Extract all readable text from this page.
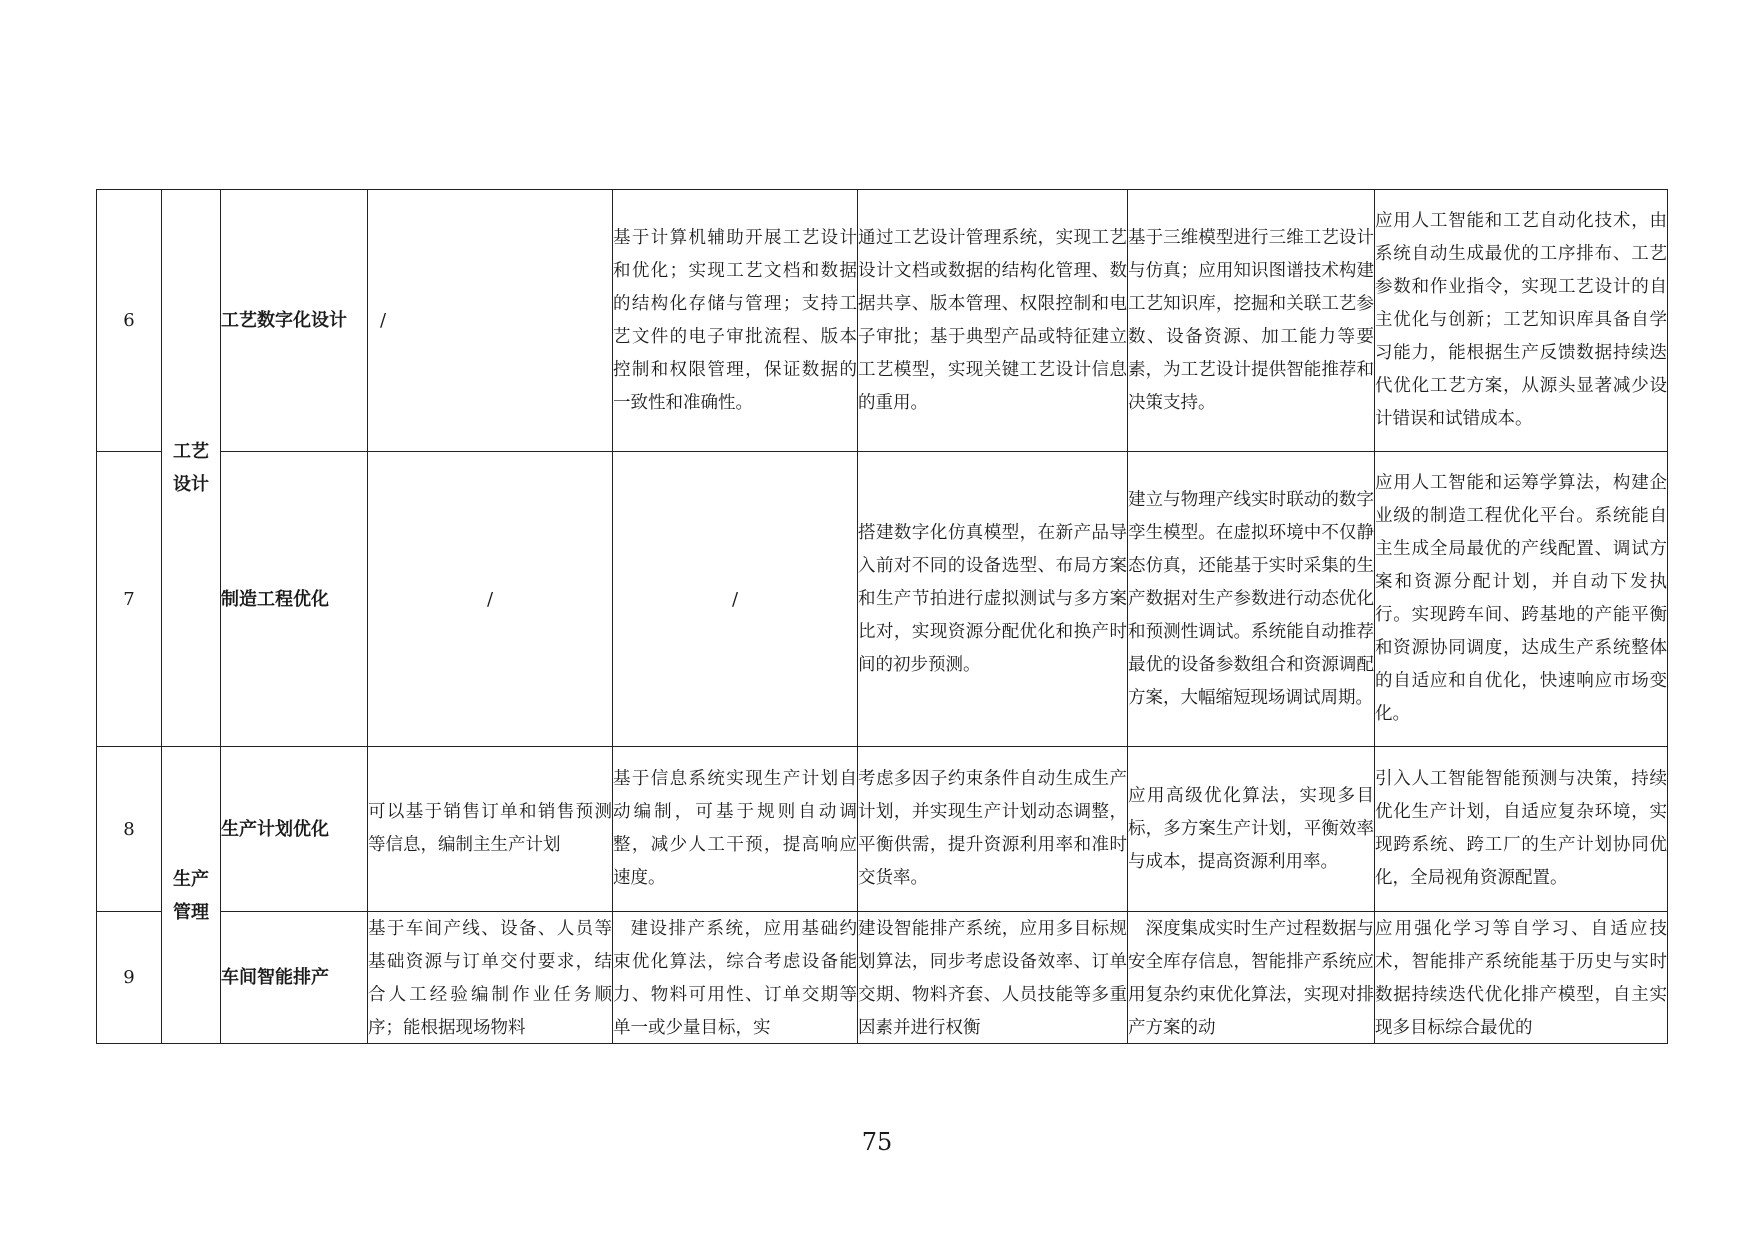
6	工艺设计	工艺数字化设计	/	基于计算机辅助开展工艺设计和优化；实现工艺文档和数据的结构化存储与管理；支持工艺文件的电子审批流程、版本控制和权限管理，保证数据的一致性和准确性。	通过工艺设计管理系统，实现工艺设计文档或数据的结构化管理、数据共享、版本管理、权限控制和电子审批；基于典型产品或特征建立工艺模型，实现关键工艺设计信息的重用。	基于三维模型进行三维工艺设计与仿真；应用知识图谱技术构建工艺知识库，挖掘和关联工艺参数、设备资源、加工能力等要素，为工艺设计提供智能推荐和决策支持。	应用人工智能和工艺自动化技术，由系统自动生成最优的工序排布、工艺参数和作业指令，实现工艺设计的自主优化与创新；工艺知识库具备自学习能力，能根据生产反馈数据持续迭代优化工艺方案，从源头显著减少设计错误和试错成本。
7		制造工程优化	/	/	搭建数字化仿真模型，在新产品导入前对不同的设备选型、布局方案和生产节拍进行虚拟测试与多方案比对，实现资源分配优化和换产时间的初步预测。	建立与物理产线实时联动的数字孪生模型。在虚拟环境中不仅静态仿真，还能基于实时采集的生产数据对生产参数进行动态优化和预测性调试。系统能自动推荐最优的设备参数组合和资源调配方案，大幅缩短现场调试周期。	应用人工智能和运筹学算法，构建企业级的制造工程优化平台。系统能自主生成全局最优的产线配置、调试方案和资源分配计划，并自动下发执行。实现跨车间、跨基地的产能平衡和资源协同调度，达成生产系统整体的自适应和自优化，快速响应市场变化。
8	生产管理	生产计划优化	可以基于销售订单和销售预测等信息，编制主生产计划	基于信息系统实现生产计划自动编制，可基于规则自动调整，减少人工干预，提高响应速度。	考虑多因子约束条件自动生成生产计划，并实现生产计划动态调整，平衡供需，提升资源利用率和准时交货率。	应用高级优化算法，实现多目标，多方案生产计划，平衡效率与成本，提高资源利用率。	引入人工智能智能预测与决策，持续优化生产计划，自适应复杂环境，实现跨系统、跨工厂的生产计划协同优化，全局视角资源配置。
9		车间智能排产	基于车间产线、设备、人员等基础资源与订单交付要求，结合人工经验编制作业任务顺序；能根据现场物料	建设排产系统，应用基础约束优化算法，综合考虑设备能力、物料可用性、订单交期等单一或少量目标，实	建设智能排产系统，应用多目标规划算法，同步考虑设备效率、订单交期、物料齐套、人员技能等多重因素并进行权衡	深度集成实时生产过程数据与安全库存信息，智能排产系统应用复杂约束优化算法，实现对排产方案的动	应用强化学习等自学习、自适应技术，智能排产系统能基于历史与实时数据持续迭代优化排产模型，自主实现多目标综合最优的
75
